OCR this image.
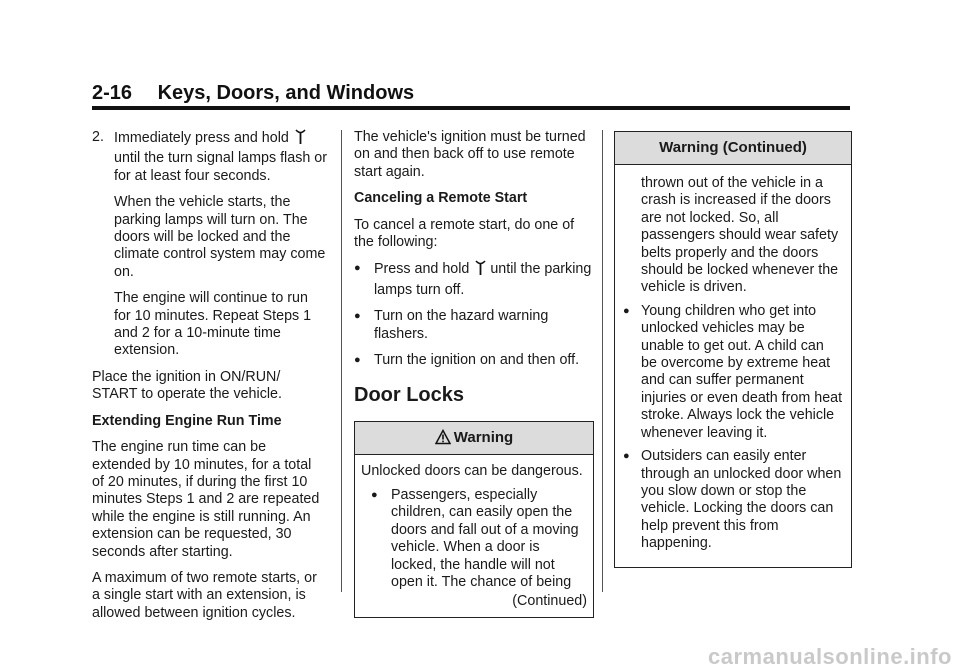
2-16 Keys, Doors, and Windows
2. Immediately press and hold
until the turn signal lamps flash or for at least four seconds.

When the vehicle starts, the parking lamps will turn on. The doors will be locked and the climate control system may come on.

The engine will continue to run for 10 minutes. Repeat Steps 1 and 2 for a 10-minute time extension.

Place the ignition in ON/RUN/ START to operate the vehicle.

Extending Engine Run Time

The engine run time can be extended by 10 minutes, for a total of 20 minutes, if during the first 10 minutes Steps 1 and 2 are repeated while the engine is still running. An extension can be requested, 30 seconds after starting.

A maximum of two remote starts, or a single start with an extension, is allowed between ignition cycles.

The vehicle's ignition must be turned on and then back off to use remote start again.

Canceling a Remote Start

To cancel a remote start, do one of the following:

● Press and hold until the parking lamps turn off.
● Turn on the hazard warning flashers.
● Turn the ignition on and then off.
Door Locks
Warning
Unlocked doors can be dangerous.
● Passengers, especially children, can easily open the doors and fall out of a moving vehicle. When a door is locked, the handle will not open it. The chance of being
(Continued)
Warning (Continued)
thrown out of the vehicle in a crash is increased if the doors are not locked. So, all passengers should wear safety belts properly and the doors should be locked whenever the vehicle is driven.
● Young children who get into unlocked vehicles may be unable to get out. A child can be overcome by extreme heat and can suffer permanent injuries or even death from heat stroke. Always lock the vehicle whenever leaving it.
● Outsiders can easily enter through an unlocked door when you slow down or stop the vehicle. Locking the doors can help prevent this from happening.
carmanualsonline.info
